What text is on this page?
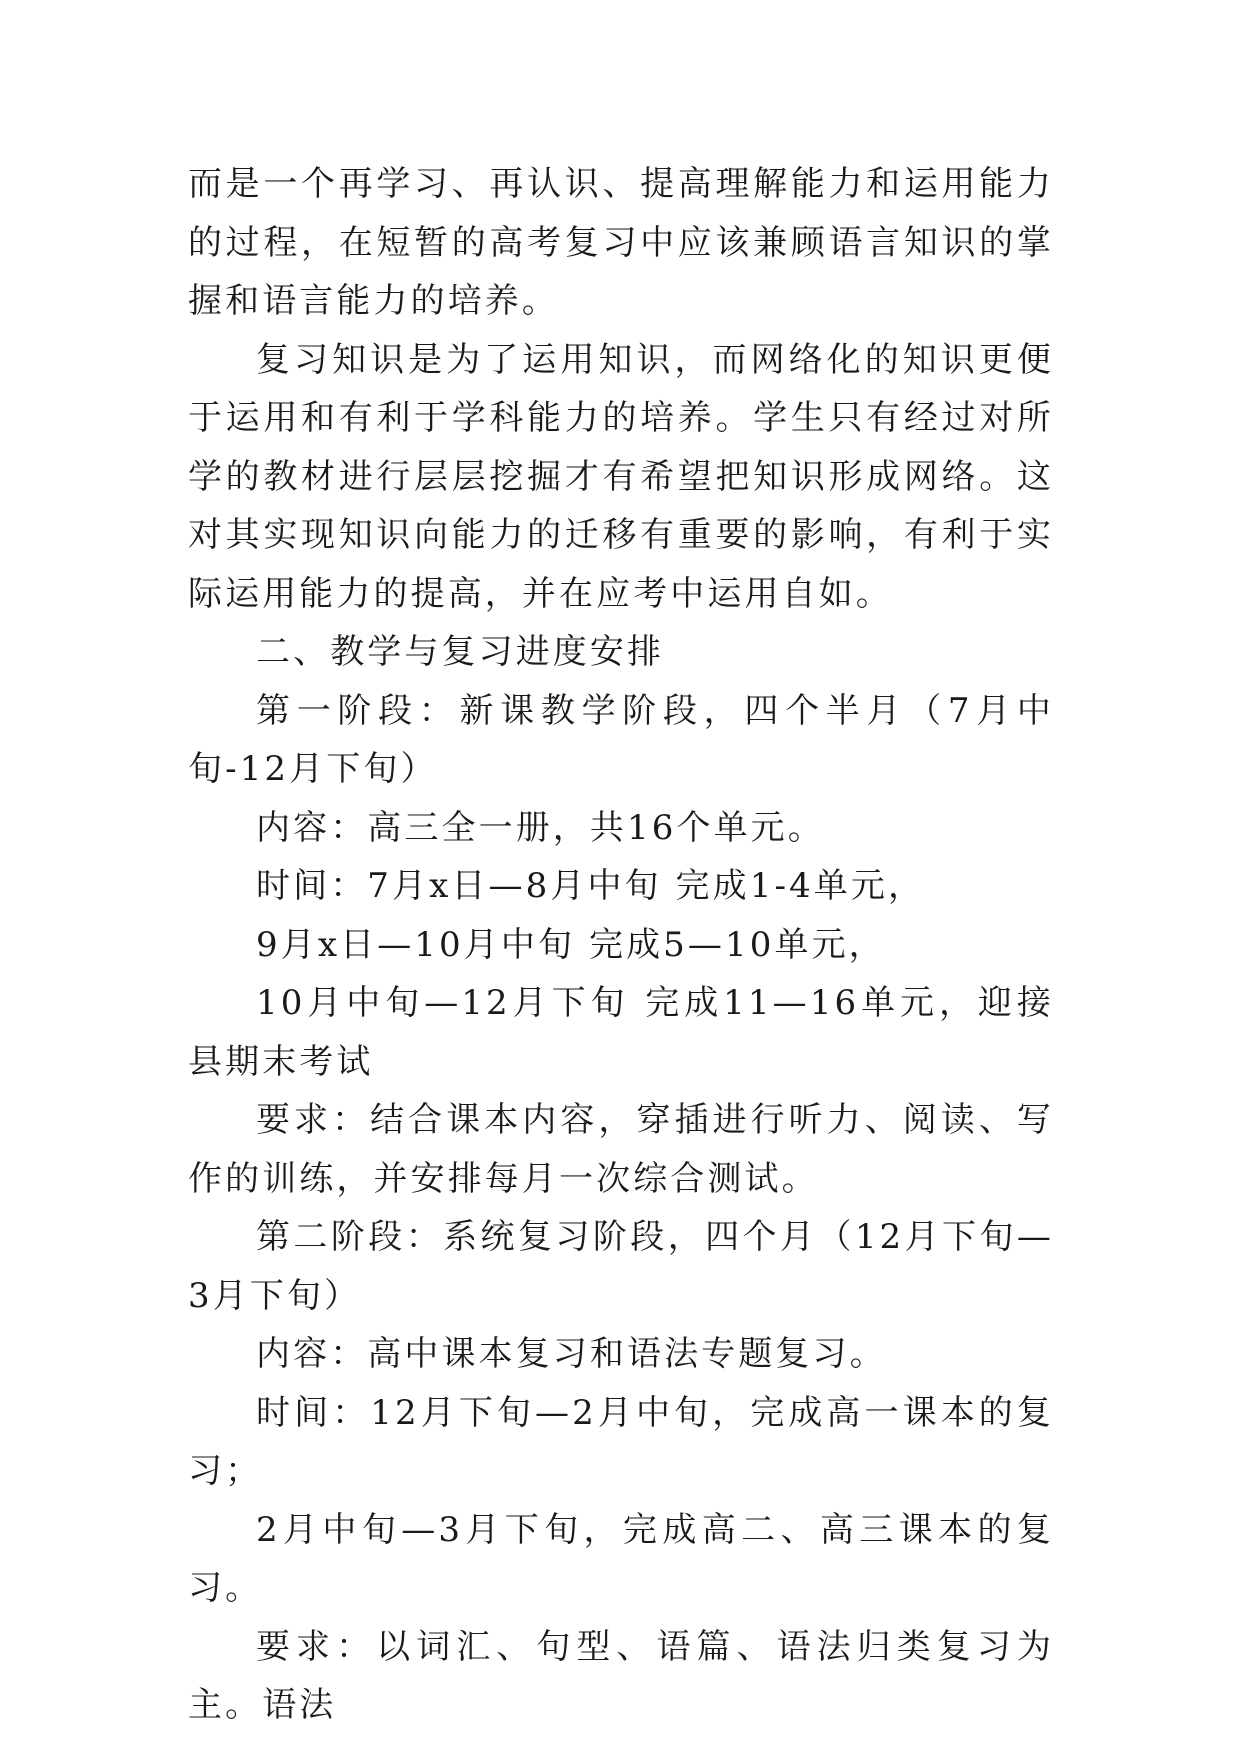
而是一个再学习、再认识、提高理解能力和运用能力的过程，在短暂的高考复习中应该兼顾语言知识的掌握和语言能力的培养。

复习知识是为了运用知识，而网络化的知识更便于运用和有利于学科能力的培养。学生只有经过对所学的教材进行层层挖掘才有希望把知识形成网络。这对其实现知识向能力的迁移有重要的影响，有利于实际运用能力的提高，并在应考中运用自如。

二、教学与复习进度安排

第一阶段：新课教学阶段，四个半月（7月中旬-12月下旬）

内容：高三全一册，共16个单元。

时间：7月x日—8月中旬 完成1-4单元，

9月x日—10月中旬 完成5—10单元，

10月中旬—12月下旬 完成11—16单元，迎接县期末考试

要求：结合课本内容，穿插进行听力、阅读、写作的训练，并安排每月一次综合测试。

第二阶段：系统复习阶段，四个月（12月下旬—3月下旬）

内容：高中课本复习和语法专题复习。

时间：12月下旬—2月中旬，完成高一课本的复习；

2月中旬—3月下旬，完成高二、高三课本的复习。

要求：以词汇、句型、语篇、语法归类复习为主。语法
